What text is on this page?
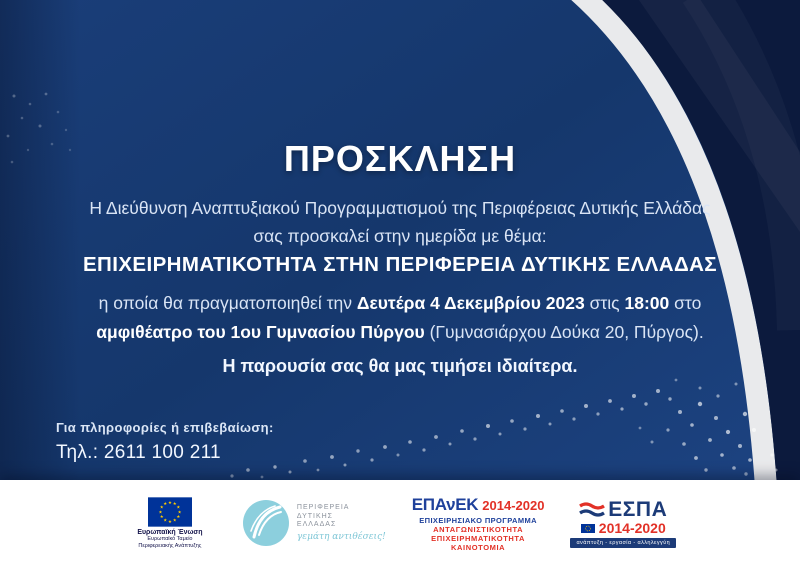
ΠΡΟΣΚΛΗΣΗ
Η Διεύθυνση Αναπτυξιακού Προγραμματισμού της Περιφέρειας Δυτικής Ελλάδας
σας προσκαλεί στην ημερίδα με θέμα:
ΕΠΙΧΕΙΡΗΜΑΤΙΚΟΤΗΤΑ ΣΤΗΝ ΠΕΡΙΦΕΡΕΙΑ ΔΥΤΙΚΗΣ ΕΛΛΑΔΑΣ
η οποία θα πραγματοποιηθεί την Δευτέρα 4 Δεκεμβρίου 2023 στις 18:00 στο
αμφιθέατρο του 1ου Γυμνασίου Πύργου (Γυμνασιάρχου Δούκα 20, Πύργος).
Η παρουσία σας θα μας τιμήσει ιδιαίτερα.
Για πληροφορίες ή επιβεβαίωση:
Τηλ.: 2611 100 211
★ ★
★
★
★
★
★
★
★
★
★
★
Ευρωπαϊκή Ένωση
Ευρωπαϊκό Ταμείο
Περιφερειακής Ανάπτυξης
ΠΕΡΙΦΕΡΕΙΑ
ΔΥΤΙΚΗΣ
ΕΛΛΑΔΑΣ
γεμάτη αντιθέσεις!
ΕΠΑνΕΚ 2014-2020
ΕΠΙΧΕΙΡΗΣΙΑΚΟ ΠΡΟΓΡΑΜΜΑ
ΑΝΤΑΓΩΝΙΣΤΙΚΟΤΗΤΑ
ΕΠΙΧΕΙΡΗΜΑΤΙΚΟΤΗΤΑ
ΚΑΙΝΟΤΟΜΙΑ
ΕΣΠΑ
2014-2020
ανάπτυξη - εργασία - αλληλεγγύη
